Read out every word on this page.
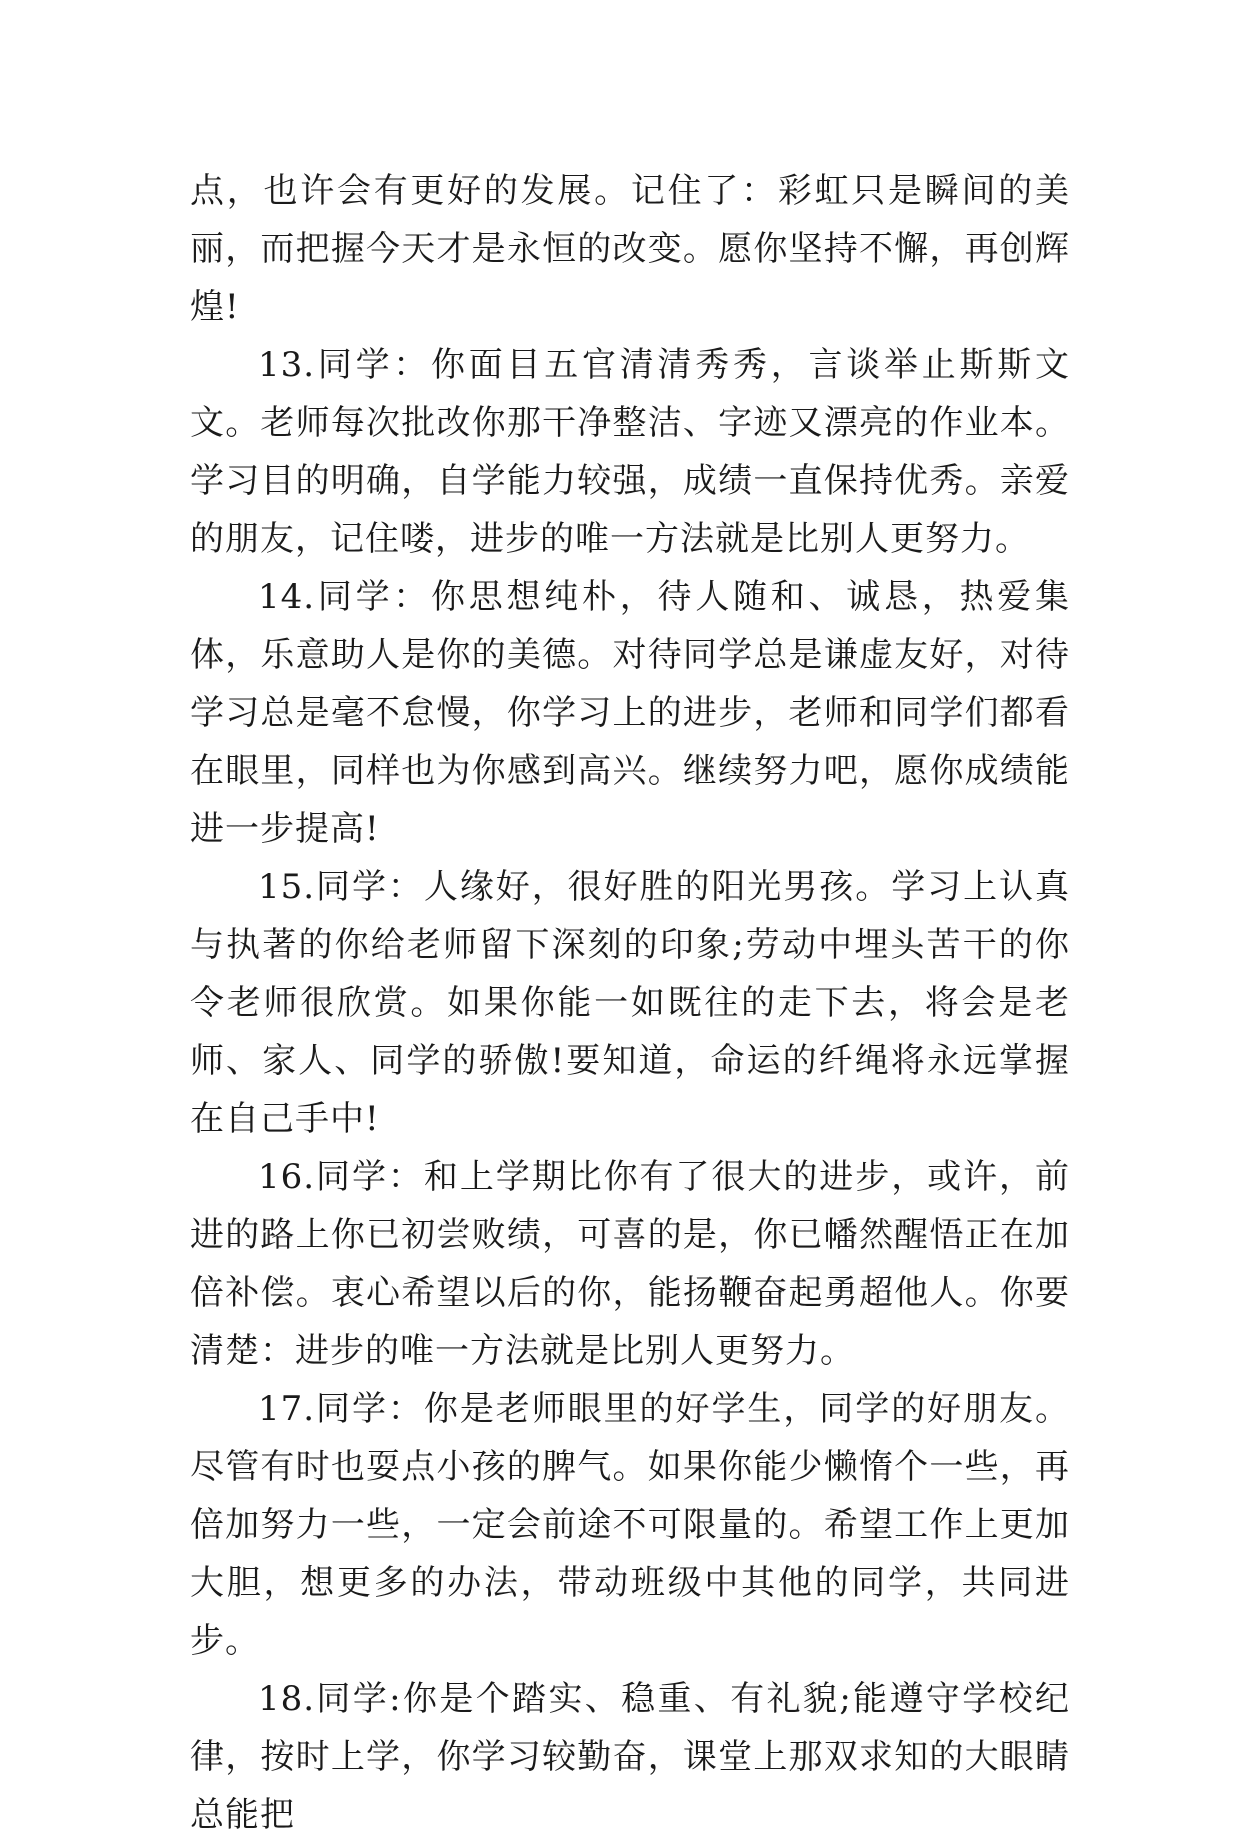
点，也许会有更好的发展。记住了：彩虹只是瞬间的美丽，而把握今天才是永恒的改变。愿你坚持不懈，再创辉煌!

13.同学：你面目五官清清秀秀，言谈举止斯斯文文。老师每次批改你那干净整洁、字迹又漂亮的作业本。学习目的明确，自学能力较强，成绩一直保持优秀。亲爱的朋友，记住喽，进步的唯一方法就是比别人更努力。

14.同学：你思想纯朴，待人随和、诚恳，热爱集体，乐意助人是你的美德。对待同学总是谦虚友好，对待学习总是毫不怠慢，你学习上的进步，老师和同学们都看在眼里，同样也为你感到高兴。继续努力吧，愿你成绩能进一步提高!

15.同学：人缘好，很好胜的阳光男孩。学习上认真与执著的你给老师留下深刻的印象;劳动中埋头苦干的你令老师很欣赏。如果你能一如既往的走下去，将会是老师、家人、同学的骄傲!要知道，命运的纤绳将永远掌握在自己手中!

16.同学：和上学期比你有了很大的进步，或许，前进的路上你已初尝败绩，可喜的是，你已幡然醒悟正在加倍补偿。衷心希望以后的你，能扬鞭奋起勇超他人。你要清楚：进步的唯一方法就是比别人更努力。

17.同学：你是老师眼里的好学生，同学的好朋友。尽管有时也耍点小孩的脾气。如果你能少懒惰个一些，再倍加努力一些，一定会前途不可限量的。希望工作上更加大胆，想更多的办法，带动班级中其他的同学，共同进步。

18.同学:你是个踏实、稳重、有礼貌;能遵守学校纪律，按时上学，你学习较勤奋，课堂上那双求知的大眼睛总能把
